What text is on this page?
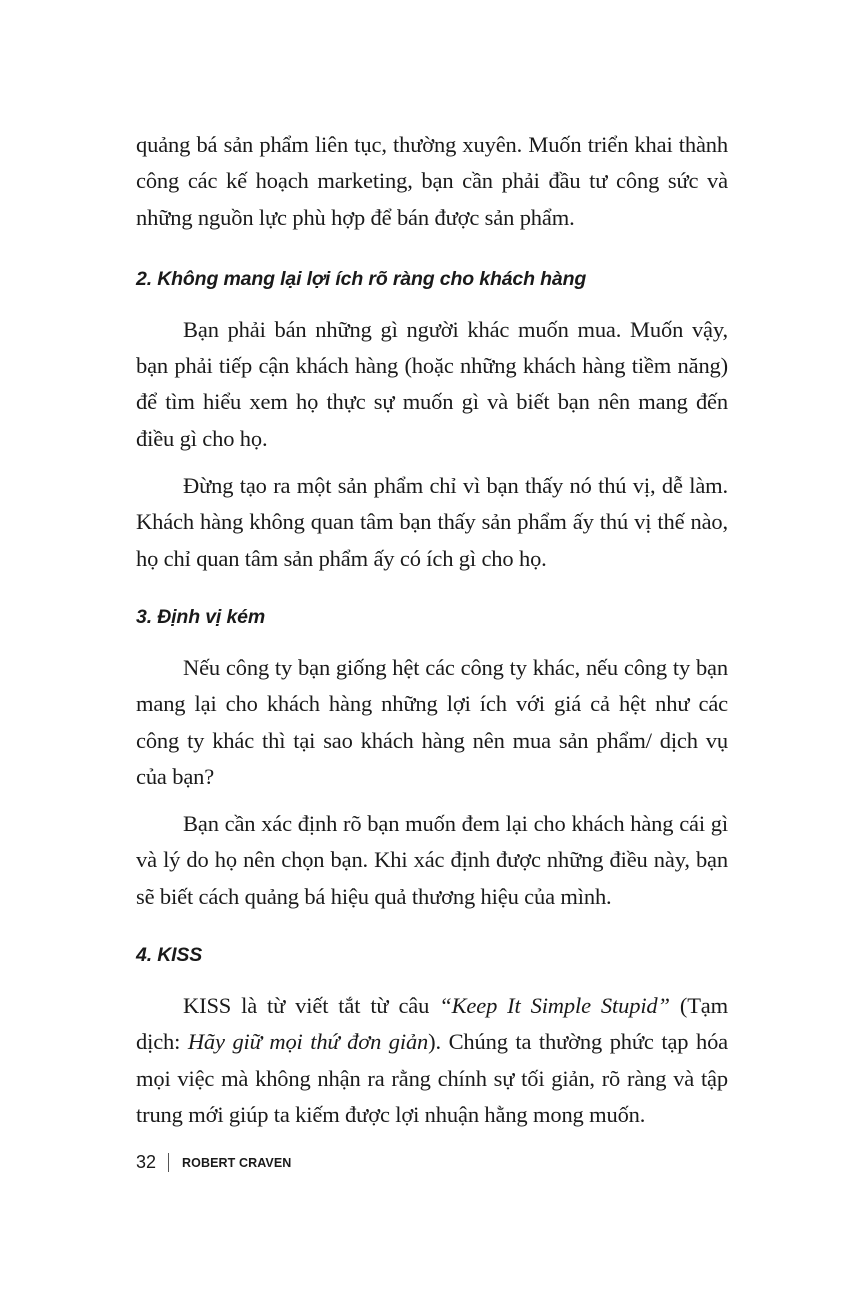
quảng bá sản phẩm liên tục, thường xuyên. Muốn triển khai thành công các kế hoạch marketing, bạn cần phải đầu tư công sức và những nguồn lực phù hợp để bán được sản phẩm.

2. Không mang lại lợi ích rõ ràng cho khách hàng

Bạn phải bán những gì người khác muốn mua. Muốn vậy, bạn phải tiếp cận khách hàng (hoặc những khách hàng tiềm năng) để tìm hiểu xem họ thực sự muốn gì và biết bạn nên mang đến điều gì cho họ.

Đừng tạo ra một sản phẩm chỉ vì bạn thấy nó thú vị, dễ làm. Khách hàng không quan tâm bạn thấy sản phẩm ấy thú vị thế nào, họ chỉ quan tâm sản phẩm ấy có ích gì cho họ.

3. Định vị kém

Nếu công ty bạn giống hệt các công ty khác, nếu công ty bạn mang lại cho khách hàng những lợi ích với giá cả hệt như các công ty khác thì tại sao khách hàng nên mua sản phẩm/ dịch vụ của bạn?

Bạn cần xác định rõ bạn muốn đem lại cho khách hàng cái gì và lý do họ nên chọn bạn. Khi xác định được những điều này, bạn sẽ biết cách quảng bá hiệu quả thương hiệu của mình.

4. KISS

KISS là từ viết tắt từ câu “Keep It Simple Stupid” (Tạm dịch: Hãy giữ mọi thứ đơn giản). Chúng ta thường phức tạp hóa mọi việc mà không nhận ra rằng chính sự tối giản, rõ ràng và tập trung mới giúp ta kiếm được lợi nhuận hằng mong muốn.

32 ROBERT CRAVEN
